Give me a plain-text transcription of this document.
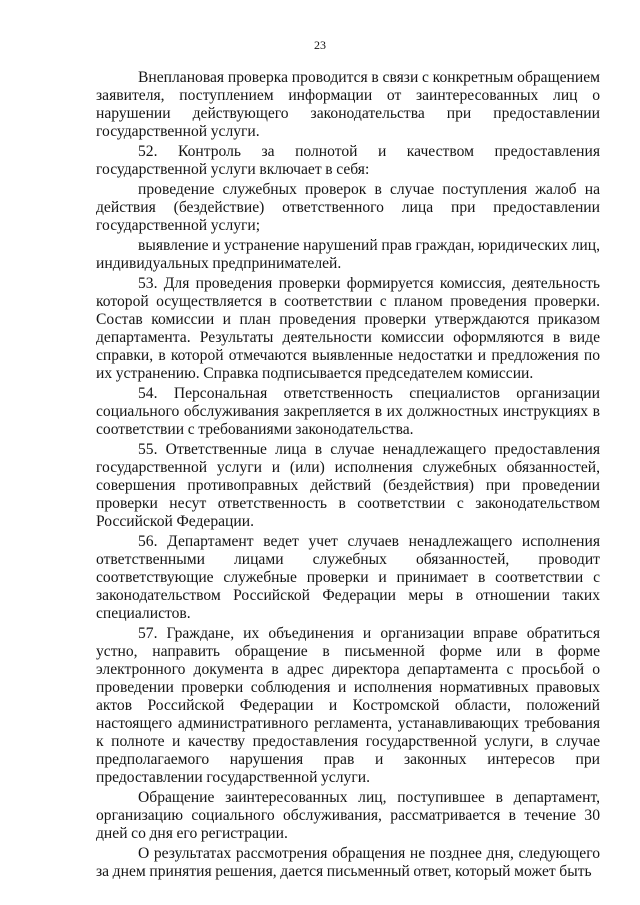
23

Внеплановая проверка проводится в связи с конкретным обращением заявителя, поступлением информации от заинтересованных лиц о нарушении действующего законодательства при предоставлении государственной услуги.

52. Контроль за полнотой и качеством предоставления государственной услуги включает в себя:

проведение служебных проверок в случае поступления жалоб на действия (бездействие) ответственного лица при предоставлении государственной услуги;

выявление и устранение нарушений прав граждан, юридических лиц, индивидуальных предпринимателей.

53. Для проведения проверки формируется комиссия, деятельность которой осуществляется в соответствии с планом проведения проверки. Состав комиссии и план проведения проверки утверждаются приказом департамента. Результаты деятельности комиссии оформляются в виде справки, в которой отмечаются выявленные недостатки и предложения по их устранению. Справка подписывается председателем комиссии.

54. Персональная ответственность специалистов организации социального обслуживания закрепляется в их должностных инструкциях в соответствии с требованиями законодательства.

55. Ответственные лица в случае ненадлежащего предоставления государственной услуги и (или) исполнения служебных обязанностей, совершения противоправных действий (бездействия) при проведении проверки несут ответственность в соответствии с законодательством Российской Федерации.

56. Департамент ведет учет случаев ненадлежащего исполнения ответственными лицами служебных обязанностей, проводит соответствующие служебные проверки и принимает в соответствии с законодательством Российской Федерации меры в отношении таких специалистов.

57. Граждане, их объединения и организации вправе обратиться устно, направить обращение в письменной форме или в форме электронного документа в адрес директора департамента с просьбой о проведении проверки соблюдения и исполнения нормативных правовых актов Российской Федерации и Костромской области, положений настоящего административного регламента, устанавливающих требования к полноте и качеству предоставления государственной услуги, в случае предполагаемого нарушения прав и законных интересов при предоставлении государственной услуги.

Обращение заинтересованных лиц, поступившее в департамент, организацию социального обслуживания, рассматривается в течение 30 дней со дня его регистрации.

О результатах рассмотрения обращения не позднее дня, следующего за днем принятия решения, дается письменный ответ, который может быть
